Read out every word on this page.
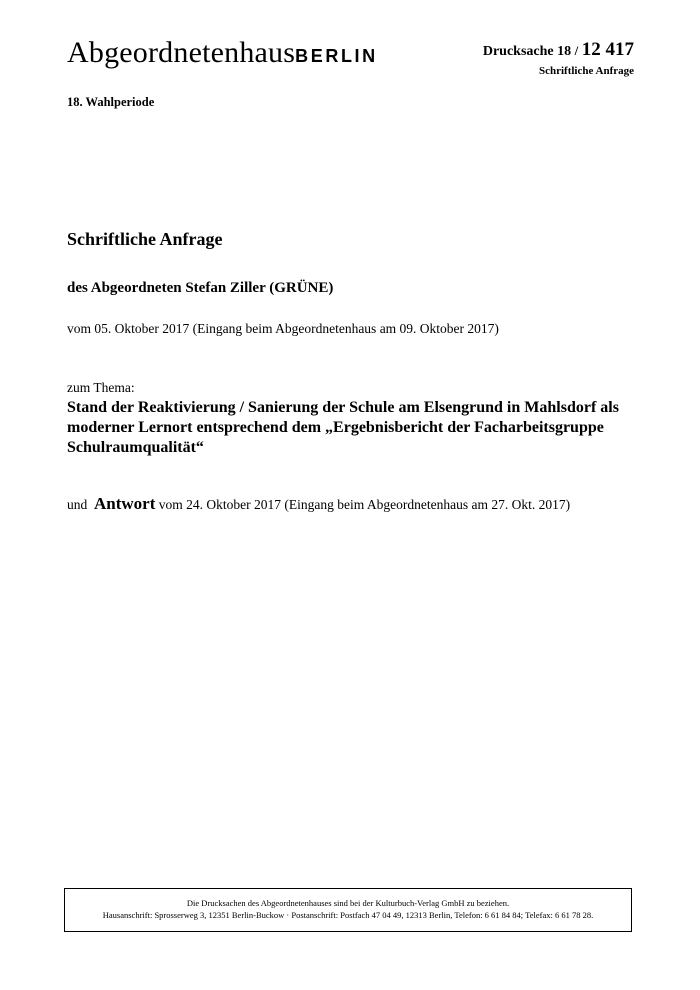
AbgeordnetenhausBERLIN	Drucksache 18 / 12 417
Schriftliche Anfrage
18. Wahlperiode
Schriftliche Anfrage
des Abgeordneten Stefan Ziller (GRÜNE)
vom 05. Oktober 2017 (Eingang beim Abgeordnetenhaus am 09. Oktober 2017)
zum Thema:
Stand der Reaktivierung / Sanierung der Schule am Elsengrund in Mahlsdorf als
moderner Lernort entsprechend dem „Ergebnisbericht der Facharbeitsgruppe
Schulraumqualität“
und Antwort vom 24. Oktober 2017 (Eingang beim Abgeordnetenhaus am 27. Okt. 2017)
Die Drucksachen des Abgeordnetenhauses sind bei der Kulturbuch-Verlag GmbH zu beziehen.
Hausanschrift: Sprosserweg 3, 12351 Berlin-Buckow · Postanschrift: Postfach 47 04 49, 12313 Berlin, Telefon: 6 61 84 84; Telefax: 6 61 78 28.
